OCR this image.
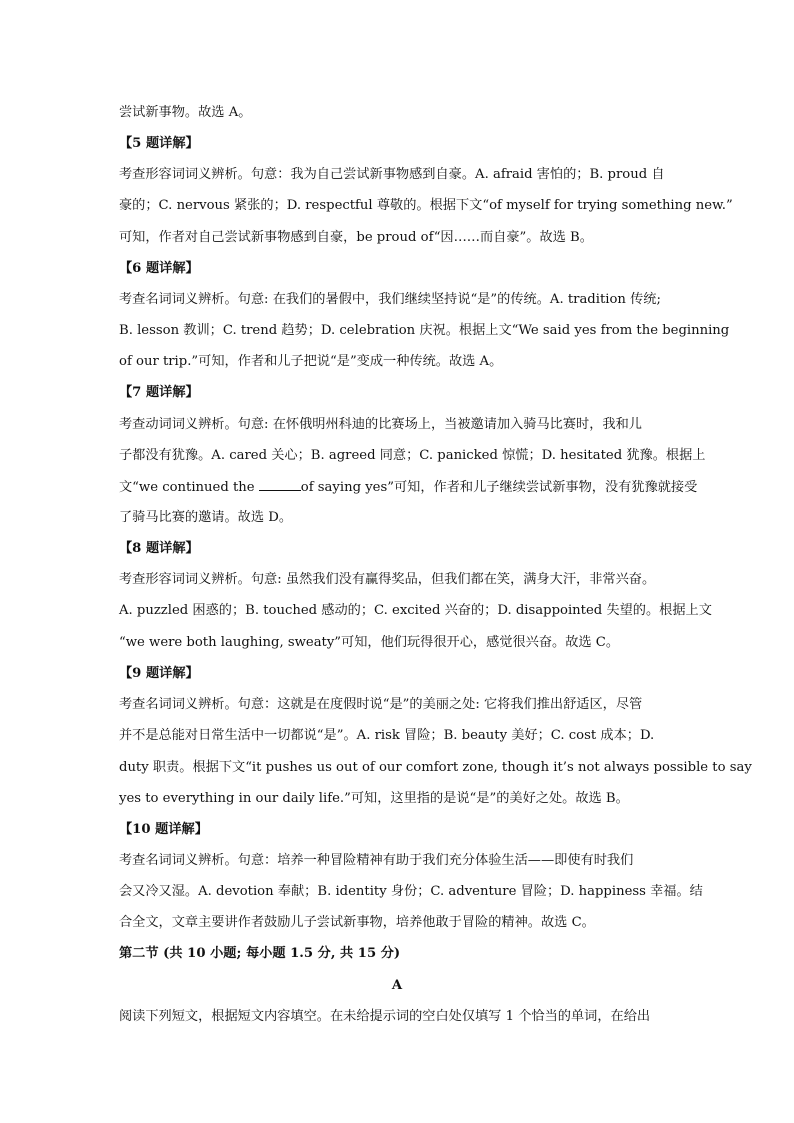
尝试新事物。故选 A。
【5 题详解】
考查形容词词义辨析。句意：我为自己尝试新事物感到自豪。A. afraid 害怕的；B. proud 自
豪的；C. nervous 紧张的；D. respectful 尊敬的。根据下文“of myself for trying something new.”
可知，作者对自己尝试新事物感到自豪，be proud of“因……而自豪”。故选 B。
【6 题详解】
考查名词词义辨析。句意: 在我们的暑假中，我们继续坚持说“是”的传统。A. tradition 传统;
B. lesson 教训；C. trend 趋势；D. celebration 庆祝。根据上文“We said yes from the beginning
of our trip.”可知，作者和儿子把说“是”变成一种传统。故选 A。
【7 题详解】
考查动词词义辨析。句意: 在怀俄明州科迪的比赛场上，当被邀请加入骑马比赛时，我和儿
子都没有犹豫。A. cared 关心；B. agreed 同意；C. panicked 惊慌；D. hesitated 犹豫。根据上
文“we continued the	of saying yes”可知，作者和儿子继续尝试新事物，没有犹豫就接受
了骑马比赛的邀请。故选 D。
【8 题详解】
考查形容词词义辨析。句意: 虽然我们没有赢得奖品，但我们都在笑，满身大汗，非常兴奋。
A. puzzled 困惑的；B. touched 感动的；C. excited 兴奋的；D. disappointed 失望的。根据上文
“we were both laughing, sweaty”可知，他们玩得很开心，感觉很兴奋。故选 C。
【9 题详解】
考查名词词义辨析。句意：这就是在度假时说“是”的美丽之处: 它将我们推出舒适区，尽管
并不是总能对日常生活中一切都说“是”。A. risk 冒险；B. beauty 美好；C. cost 成本；D.
duty 职责。根据下文“it pushes us out of our comfort zone, though it’s not always possible to say
yes to everything in our daily life.”可知，这里指的是说“是”的美好之处。故选 B。
【10 题详解】
考查名词词义辨析。句意：培养一种冒险精神有助于我们充分体验生活——即使有时我们
会又冷又湿。A. devotion 奉献；B. identity 身份；C. adventure 冒险；D. happiness 幸福。结
合全文，文章主要讲作者鼓励儿子尝试新事物，培养他敢于冒险的精神。故选 C。
第二节 (共 10 小题; 每小题 1.5 分, 共 15 分)
A
阅读下列短文，根据短文内容填空。在未给提示词的空白处仅填写 1 个恰当的单词，在给出
